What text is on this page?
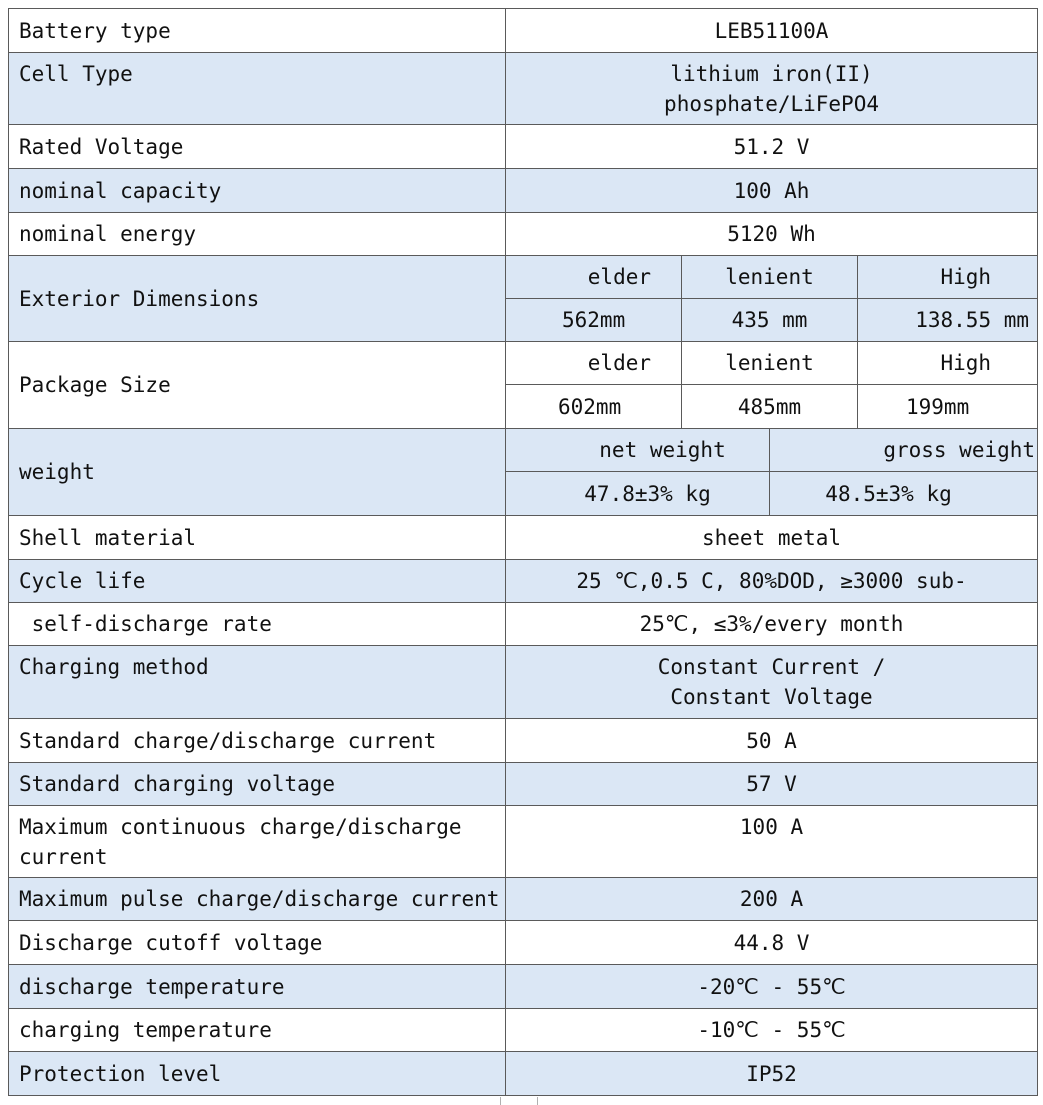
Battery type	LEB51100A			
Cell Type	lithium iron(II)
phosphate/LiFePO4			

Rated Voltage	51.2 V			
nominal capacity	100 Ah			
nominal energy	5120 Wh			
Exterior Dimensions	elder	lenient		High
	562mm	435 mm		138.55 mm
Package Size	elder	lenient		High
	602mm	485mm		199mm
weight	net weight		gross weight	
	47.8±3% kg		48.5±3% kg	
Shell material	sheet metal			
Cycle life	25 ℃,0.5 C, 80%DOD, ≥3000 sub-			
self-discharge rate	25℃, ≤3%/every month			
Charging method	Constant Current /
Constant Voltage			

Standard charge/discharge current	50 A			
Standard charging voltage	57 V			

Maximum continuous charge/discharge
current	100 A			
Maximum pulse charge/discharge current	200 A			
Discharge cutoff voltage	44.8 V			
discharge temperature	-20℃ - 55℃			
charging temperature	-10℃ - 55℃			
Protection level	IP52			
